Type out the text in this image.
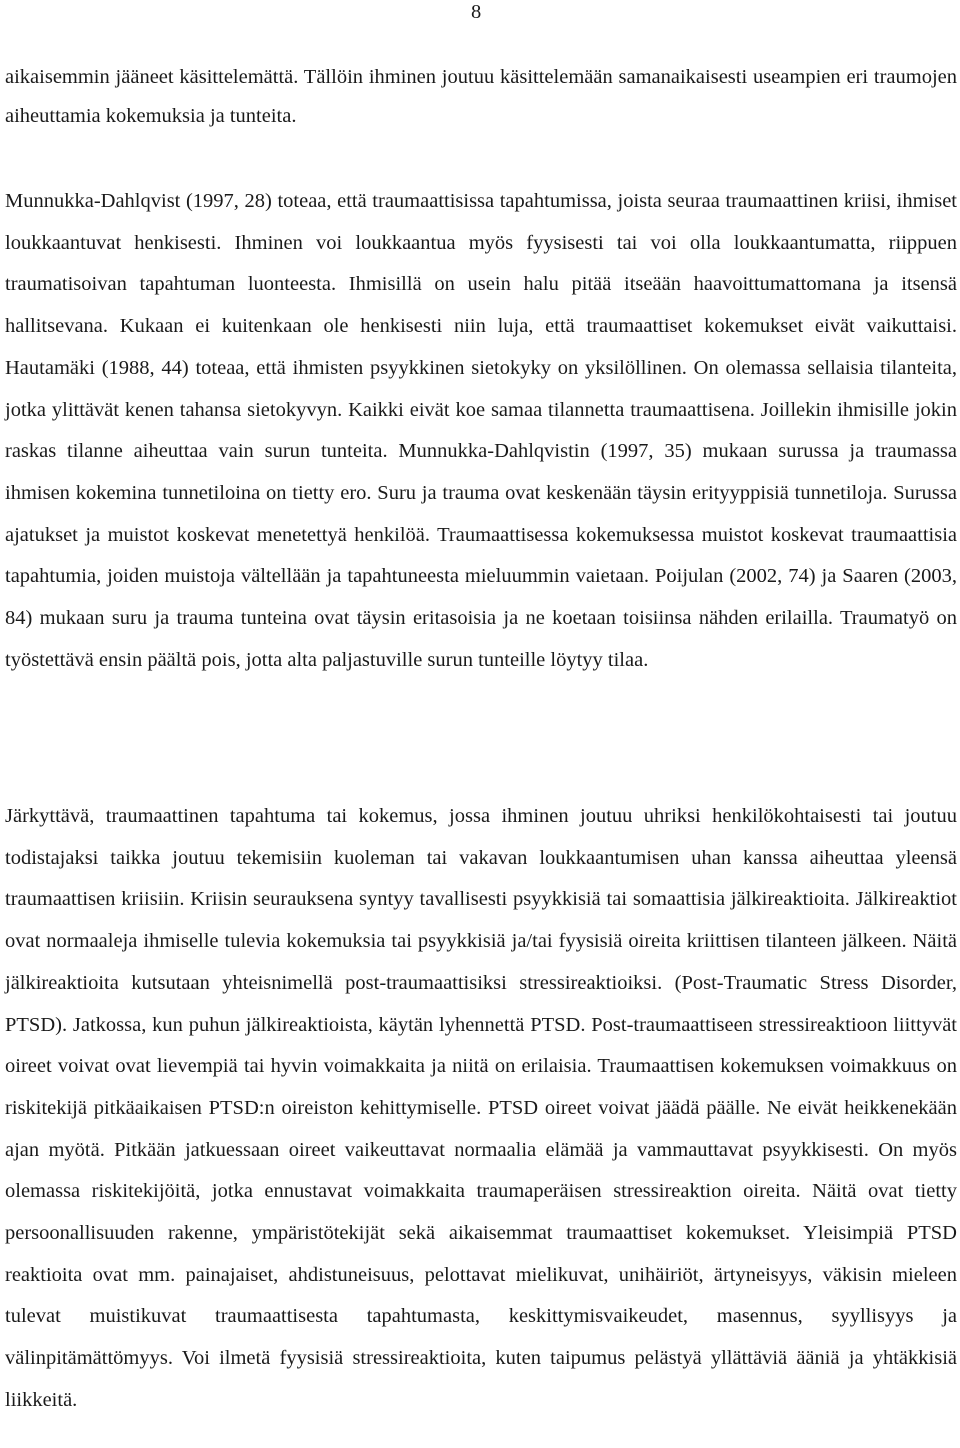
8

aikaisemmin jääneet käsittelemättä. Tällöin ihminen joutuu käsittelemään samanaikaisesti useampien eri traumojen aiheuttamia kokemuksia ja tunteita.

Munnukka-Dahlqvist (1997, 28) toteaa, että traumaattisissa tapahtumissa, joista seuraa traumaattinen kriisi, ihmiset loukkaantuvat henkisesti. Ihminen voi loukkaantua myös fyysisesti tai voi olla loukkaantumatta, riippuen traumatisoivan tapahtuman luonteesta. Ihmisillä on usein halu pitää itseään haavoittumattomana ja itsensä hallitsevana. Kukaan ei kuitenkaan ole henkisesti niin luja, että traumaattiset kokemukset eivät vaikuttaisi. Hautamäki (1988, 44) toteaa, että ihmisten psyykkinen sietokyky on yksilöllinen. On olemassa sellaisia tilanteita, jotka ylittävät kenen tahansa sietokyvyn. Kaikki eivät koe samaa tilannetta traumaattisena. Joillekin ihmisille jokin raskas tilanne aiheuttaa vain surun tunteita. Munnukka-Dahlqvistin (1997, 35) mukaan surussa ja traumassa ihmisen kokemina tunnetiloina on tietty ero. Suru ja trauma ovat keskenään täysin erityyppisiä tunnetiloja. Surussa ajatukset ja muistot koskevat menetettyä henkilöä. Traumaattisessa kokemuksessa muistot koskevat traumaattisia tapahtumia, joiden muistoja vältellään ja tapahtuneesta mieluummin vaietaan. Poijulan (2002, 74) ja Saaren (2003, 84) mukaan suru ja trauma tunteina ovat täysin eritasoisia ja ne koetaan toisiinsa nähden erilailla. Traumatyö on työstettävä ensin päältä pois, jotta alta paljastuville surun tunteille löytyy tilaa.

Järkyttävä, traumaattinen tapahtuma tai kokemus, jossa ihminen joutuu uhriksi henkilökohtaisesti tai joutuu todistajaksi taikka joutuu tekemisiin kuoleman tai vakavan loukkaantumisen uhan kanssa aiheuttaa yleensä traumaattisen kriisiin. Kriisin seurauksena syntyy tavallisesti psyykkisiä tai somaattisia jälkireaktioita. Jälkireaktiot ovat normaaleja ihmiselle tulevia kokemuksia tai psyykkisiä ja/tai fyysisiä oireita kriittisen tilanteen jälkeen. Näitä jälkireaktioita kutsutaan yhteisnimellä post-traumaattisiksi stressireaktioiksi. (Post-Traumatic Stress Disorder, PTSD). Jatkossa, kun puhun jälkireaktioista, käytän lyhennettä PTSD. Post-traumaattiseen stressireaktioon liittyvät oireet voivat ovat lievempiä tai hyvin voimakkaita ja niitä on erilaisia. Traumaattisen kokemuksen voimakkuus on riskitekijä pitkäaikaisen PTSD:n oireiston kehittymiselle. PTSD oireet voivat jäädä päälle. Ne eivät heikkenekään ajan myötä. Pitkään jatkuessaan oireet vaikeuttavat normaalia elämää ja vammauttavat psyykkisesti. On myös olemassa riskitekijöitä, jotka ennustavat voimakkaita traumaperäisen stressireaktion oireita. Näitä ovat tietty persoonallisuuden rakenne, ympäristötekijät sekä aikaisemmat traumaattiset kokemukset. Yleisimpiä PTSD reaktioita ovat mm. painajaiset, ahdistuneisuus, pelottavat mielikuvat, unihäiriöt, ärtyneisyys, väkisin mieleen tulevat muistikuvat traumaattisesta tapahtumasta, keskittymisvaikeudet, masennus, syyllisyys ja välinpitämättömyys. Voi ilmetä fyysisiä stressireaktioita, kuten taipumus pelästyä yllättäviä ääniä ja yhtäkkisiä liikkeitä.
